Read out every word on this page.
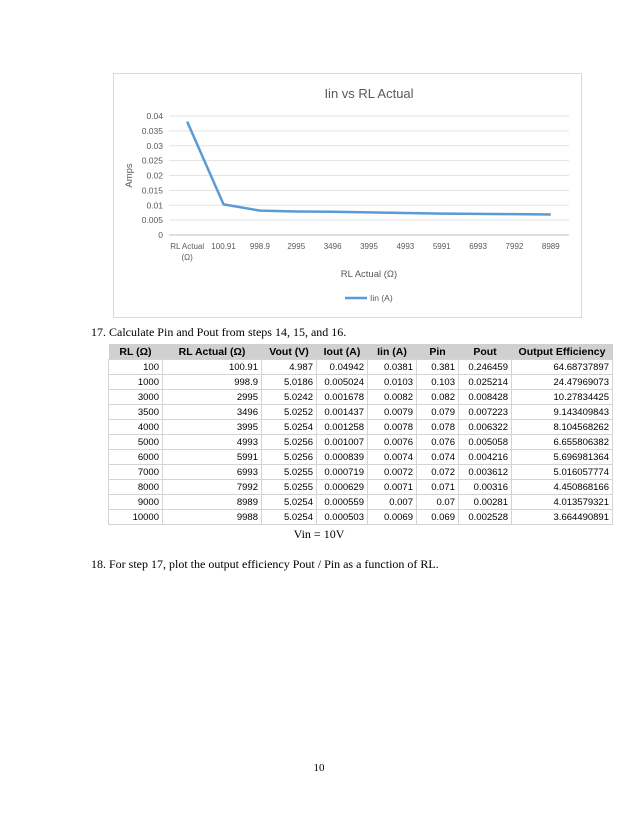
Iin vs RL Actual
0
0.005
0.01
0.015
0.02
0.025
0.03
0.035
0.04
Amps
RL Actual
(Ω)
100.91 998.9 2995 3496 3995 4993 5991 6993 7992 8989
RL Actual (Ω)
Iin (A)
17. Calculate Pin and Pout from steps 14, 15, and 16.
RL (Ω)	RL Actual (Ω)	Vout (V)	Iout (A)	Iin (A)	Pin	Pout	Output Efficiency
100	100.91	4.987	0.04942	0.0381	0.381	0.246459	64.68737897
1000	998.9	5.0186	0.005024	0.0103	0.103	0.025214	24.47969073
3000	2995	5.0242	0.001678	0.0082	0.082	0.008428	10.27834425
3500	3496	5.0252	0.001437	0.0079	0.079	0.007223	9.143409843
4000	3995	5.0254	0.001258	0.0078	0.078	0.006322	8.104568262
5000	4993	5.0256	0.001007	0.0076	0.076	0.005058	6.655806382
6000	5991	5.0256	0.000839	0.0074	0.074	0.004216	5.696981364
7000	6993	5.0255	0.000719	0.0072	0.072	0.003612	5.016057774
8000	7992	5.0255	0.000629	0.0071	0.071	0.00316	4.450868166
9000	8989	5.0254	0.000559	0.007	0.07	0.00281	4.013579321
10000	9988	5.0254	0.000503	0.0069	0.069	0.002528	3.664490891
Vin = 10V
18. For step 17, plot the output efficiency Pout / Pin as a function of RL.
10
